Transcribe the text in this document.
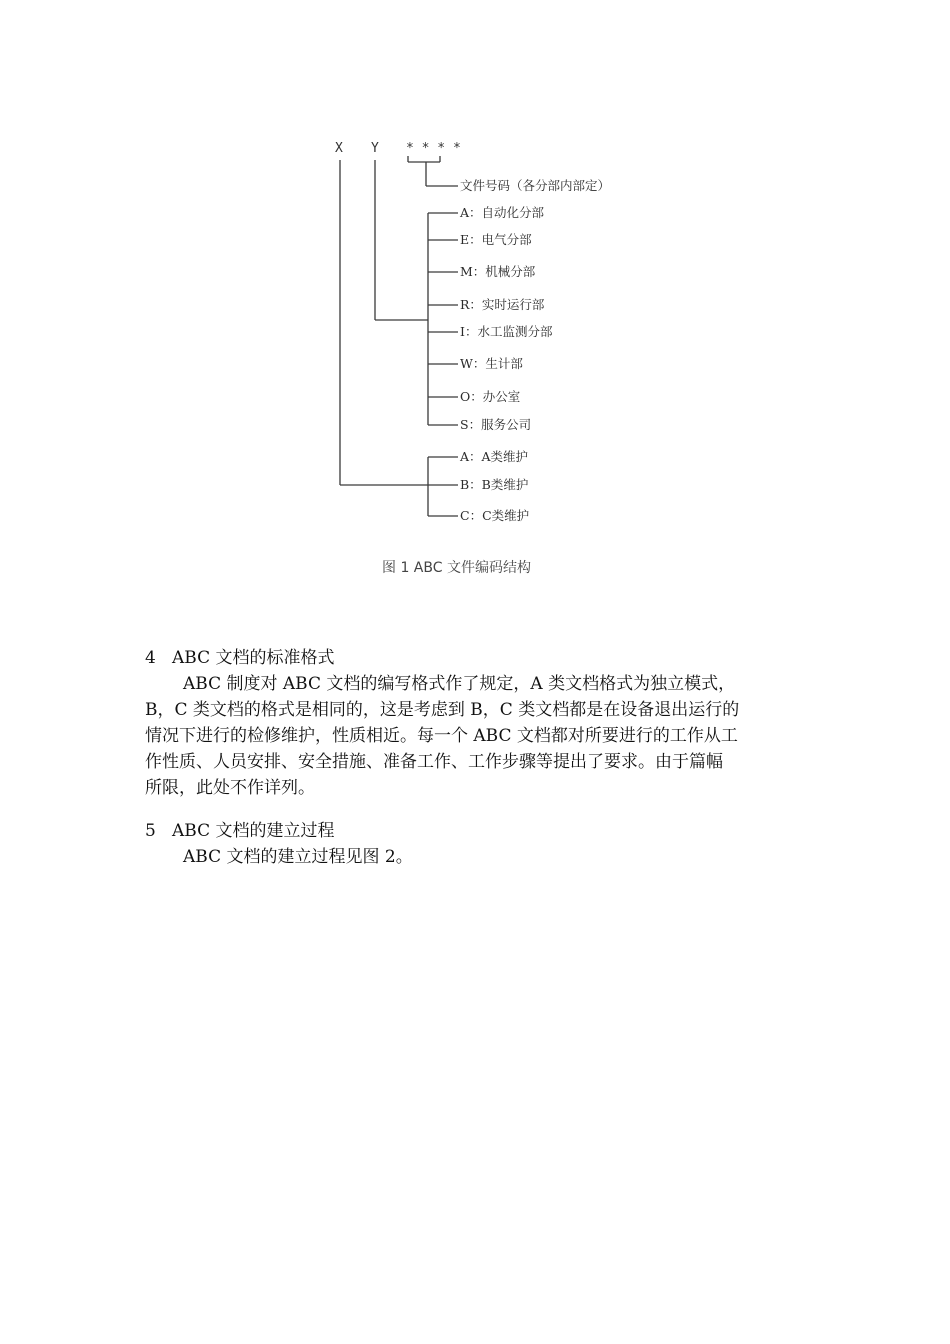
X Y * * * *
文件号码（各分部内部定）
A：自动化分部
E：电气分部
M：机械分部
R：实时运行部
I：水工监测分部
W：生计部
O：办公室
S：服务公司
A：A类维护
B：B类维护
C：C类维护
图 1 ABC 文件编码结构
4 ABC 文档的标准格式
ABC 制度对 ABC 文档的编写格式作了规定，A 类文档格式为独立模式，
B，C 类文档的格式是相同的，这是考虑到 B，C 类文档都是在设备退出运行的
情况下进行的检修维护，性质相近。每一个 ABC 文档都对所要进行的工作从工
作性质、人员安排、安全措施、准备工作、工作步骤等提出了要求。由于篇幅
所限，此处不作详列。
5 ABC 文档的建立过程

ABC 文档的建立过程见图 2。
